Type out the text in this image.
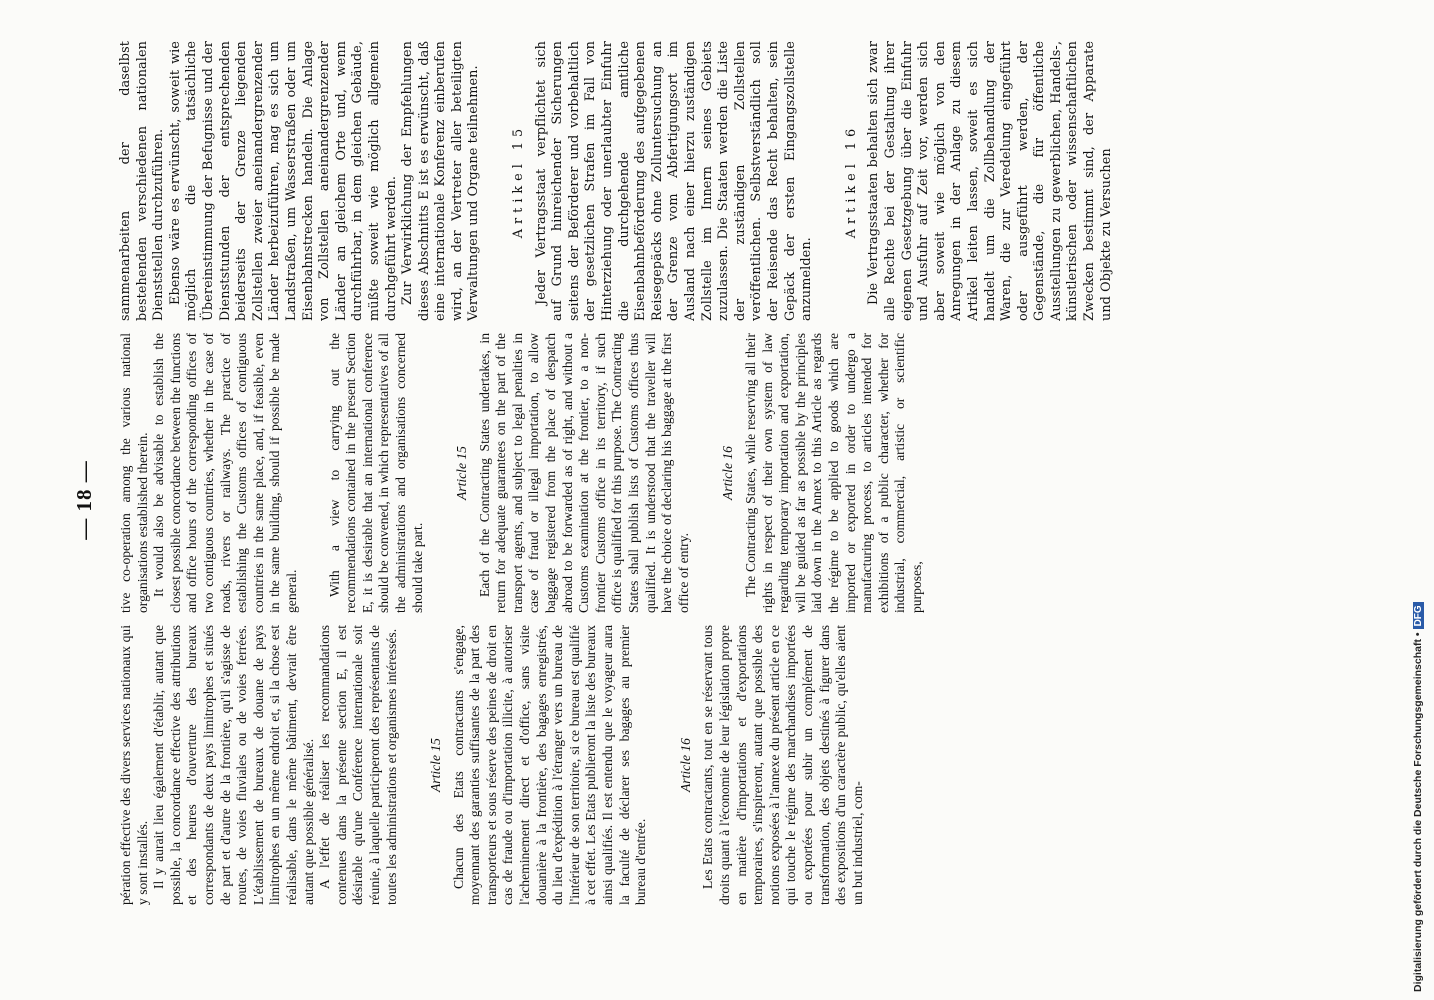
— 18 —

pération effective des divers services nationaux qui y sont installés. Il y aurait lieu également d'établir, autant que possible, la concordance effective des attributions et des heures d'ouverture des bureaux correspondants de deux pays limitrophes et situés de part et d'autre de la frontière, qu'il s'agisse de routes, de voies fluviales ou de voies ferrées. L'établissement de bureaux de douane de pays limitrophes en un même endroit et, si la chose est réalisable, dans le même bâtiment, devrait être autant que possible généralisé. A l'effet de réaliser les recommandations contenues dans la présente section E, il est désirable qu'une Conférence internationale soit réunie, à laquelle participeront des représentants de toutes les administrations et organismes intéressés. Article 15 Chacun des Etats contractants s'engage, moyennant des garanties suffisantes de la part des transporteurs et sous réserve des peines de droit en cas de fraude ou d'importation illicite, à autoriser l'acheminement direct et d'office, sans visite douanière à la frontière, des bagages enregistrés, du lieu d'expédition à l'étranger vers un bureau de l'intérieur de son territoire, si ce bureau est qualifié à cet effet. Les Etats publieront la liste des bureaux ainsi qualifiés. Il est entendu que le voyageur aura la faculté de déclarer ses bagages au premier bureau d'entrée.

Article 16 Les Etats contractants, tout en se réservant tous droits quant à l'économie de leur législation propre en matière d'importations et d'exportations temporaires, s'inspireront, autant que possible des notions exposées à l'annexe du présent article en ce qui touche le régime des marchandises importées ou exportées pour subir un complément de transformation, des objets destinés à figurer dans des expositions d'un caractère public, qu'elles aient un but industriel, com-

tive co-operation among the various national organisations established therein. It would also be advisable to establish the closest possible concordance between the functions and office hours of the corresponding offices of two contiguous countries, whether in the case of roads, rivers or railways. The practice of establishing the Customs offices of contiguous countries in the same place, and, if feasible, even in the same building, should if possible be made general. With a view to carrying out the recommendations contained in the present Section E, it is desirable that an international conference should be convened, in which representatives of all the administrations and organisations concerned should take part.

Article 15 Each of the Contracting States undertakes, in return for adequate guarantees on the part of the transport agents, and subject to legal penalties in case of fraud or illegal importation, to allow baggage registered from the place of despatch abroad to be forwarded as of right, and without a Customs examination at the frontier, to a non-frontier Customs office in its territory, if such office is qualified for this purpose. The Contracting States shall publish lists of Customs offices thus qualified. It is understood that the traveller will have the choice of declaring his baggage at the first office of entry.

Article 16 The Contracting States, while reserving all their rights in respect of their own system of law regarding temporary importation and exportation, will be guided as far as possible by the principles laid down in the Annex to this Article as regards the régime to be applied to goods which are imported or exported in order to undergo a manufacturing process, to articles intended for exhibitions of a public character, whether for industrial, commercial, artistic or scientific purposes,

sammenarbeiten der daselbst bestehenden verschiedenen nationalen Dienststellen durchzuführen. Ebenso wäre es erwünscht, soweit wie möglich die tatsächliche Übereinstimmung der Befugnisse und der Dienststunden der entsprechenden beiderseits der Grenze liegenden Zollstellen zweier aneinandergrenzender Länder herbeizuführen, mag es sich um Landstraßen, um Wasserstraßen oder um Eisenbahnstrecken handeln. Die Anlage von Zollstellen aneinandergrenzender Länder an gleichem Orte und, wenn durchführbar, in dem gleichen Gebäude, müßte soweit wie möglich allgemein durchgeführt werden. Zur Verwirklichung der Empfehlungen dieses Abschnitts E ist es erwünscht, daß eine internationale Konferenz einberufen wird, an der Vertreter aller beteiligten Verwaltungen und Organe teilnehmen. Artikel 15 Jeder Vertragsstaat verpflichtet sich auf Grund hinreichender Sicherungen seitens der Beförderer und vorbehaltlich der gesetzlichen Strafen im Fall von Hinterziehung oder unerlaubter Einfuhr die durchgehende amtliche Eisenbahnbeförderung des aufgegebenen Reisegepäcks ohne Zolluntersuchung an der Grenze vom Abfertigungsort im Ausland nach einer hierzu zuständigen Zollstelle im Innern seines Gebiets zuzulassen. Die Staaten werden die Liste der zuständigen Zollstellen veröffentlichen. Selbstverständlich soll der Reisende das Recht behalten, sein Gepäck der ersten Eingangszollstelle anzumelden.

Artikel 16 Die Vertragsstaaten behalten sich zwar alle Rechte bei der Gestaltung ihrer eigenen Gesetzgebung über die Einfuhr und Ausfuhr auf Zeit vor, werden sich aber soweit wie möglich von den Anregungen in der Anlage zu diesem Artikel leiten lassen, soweit es sich handelt um die Zollbehandlung der Waren, die zur Veredelung eingeführt oder ausgeführt werden, der Gegenstände, die für öffentliche Ausstellungen zu gewerblichen, Handels-, künstlerischen oder wissenschaftlichen Zwecken bestimmt sind, der Apparate und Objekte zu Versuchen

Digitalisierung gefördert durch die Deutsche Forschungsgemeinschaft •DFG
